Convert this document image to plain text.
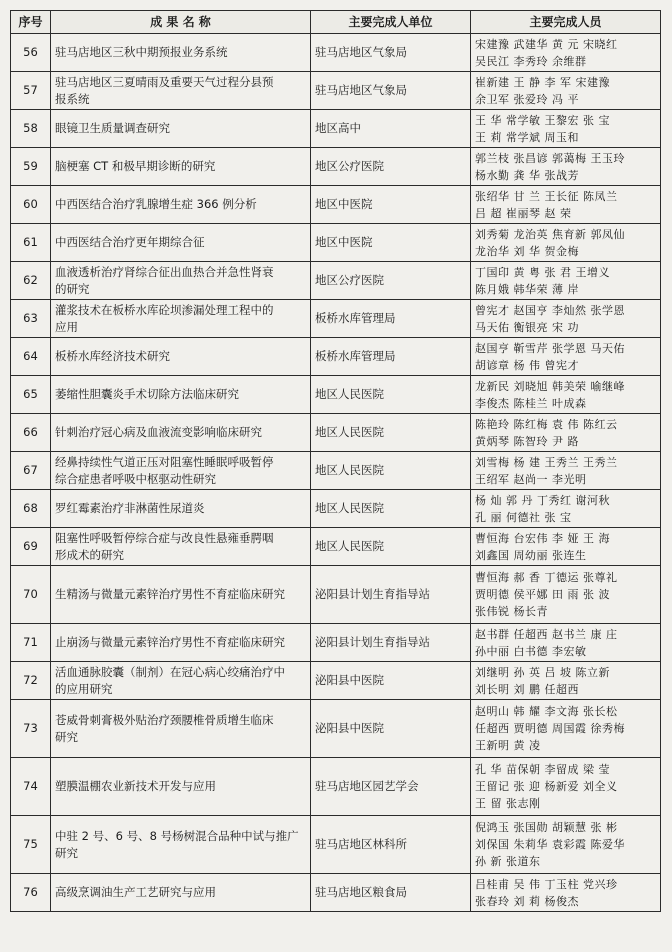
序号	成 果 名 称	主要完成人单位	主要完成人员
56	驻马店地区三秋中期预报业务系统	驻马店地区气象局	宋建豫 武建华 黄 元 宋晓红
吴民江 李秀玲 余维群
57	驻马店地区三夏晴雨及重要天气过程分县预
报系统	驻马店地区气象局	崔新建 王 静 李 军 宋建豫
余卫军 张爱玲 冯 平
58	眼镜卫生质量调查研究	地区高中	王 华 常学敏 王黎宏 张 宝
王 莉 常学斌 周玉和
59	脑梗塞 CT 和极早期诊断的研究	地区公疗医院	郭兰枝 张昌谚 郭蔼梅 王玉玲
杨水勤 龚 华 张战芳
60	中西医结合治疗乳腺增生症 366 例分析	地区中医院	张绍华 甘 兰 王长征 陈凤兰
吕 超 崔丽琴 赵 荣
61	中西医结合治疗更年期综合征	地区中医院	刘秀菊 龙治英 焦育新 郭凤仙
龙治华 刘 华 贺金梅
62	血液透析治疗肾综合征出血热合并急性肾衰
的研究	地区公疗医院	丁国印 黄 粤 张 君 王增义
陈月娥 韩华荣 薄 岸
63	灌浆技术在板桥水库砼坝渗漏处理工程中的
应用	板桥水库管理局	曾宪才 赵国亨 李灿然 张学恩
马天佑 衡银亮 宋 功
64	板桥水库经济技术研究	板桥水库管理局	赵国亨 靳雪芹 张学恩 马天佑
胡谚章 杨 伟 曾宪才
65	萎缩性胆囊炎手术切除方法临床研究	地区人民医院	龙新民 刘晓旭 韩美荣 喻继峰
李俊杰 陈桂兰 叶成森
66	针刺治疗冠心病及血液流变影响临床研究	地区人民医院	陈艳玲 陈红梅 袁 伟 陈红云
黄炳琴 陈智玲 尹 路
67	经鼻持续性气道正压对阻塞性睡眠呼吸暂停
综合症患者呼吸中枢驱动性研究	地区人民医院	刘雪梅 杨 建 王秀兰 王秀兰
王绍军 赵尚一 李光明
68	罗红霉素治疗非淋菌性尿道炎	地区人民医院	杨 灿 郭 丹 丁秀红 谢河秋
孔 丽 何德社 张 宝
69	阻塞性呼吸暂停综合症与改良性悬雍垂腭咽
形成术的研究	地区人民医院	曹恒海 台宏伟 李 娅 王 海
刘鑫国 周幼丽 张连生
70	生精汤与微量元素锌治疗男性不育症临床研究	泌阳县计划生育指导站	曹恒海 郝 香 丁德运 张尊礼
贾明德 侯平娜 田 雨 张 波
张伟锐 杨长青
71	止崩汤与微量元素锌治疗男性不育症临床研究	泌阳县计划生育指导站	赵书群 任超西 赵书兰 康 庄
孙中丽 白书德 李宏敏
72	活血通脉胶囊（制剂）在冠心病心绞痛治疗中
的应用研究	泌阳县中医院	刘继明 孙 英 吕 坡 陈立新
刘长明 刘 鹏 任超西
73	苍威骨刺膏极外贴治疗颈腰椎骨质增生临床
研究	泌阳县中医院	赵明山 韩 耀 李文海 张长松
任超西 贾明德 周国霞 徐秀梅
王新明 黄 凌
74	塑膜温棚农业新技术开发与应用	驻马店地区园艺学会	孔 华 苗保朝 李留成 梁 莹
王留记 张 迎 杨新爱 刘全义
王 留 张志刚
75	中驻 2 号、6 号、8 号杨树混合品种中试与推广
研究	驻马店地区林科所	倪鸿玉 张国勋 胡颖慧 张 彬
刘保国 朱莉华 袁彩霞 陈爱华
孙 新 张道东
76	高级烹调油生产工艺研究与应用	驻马店地区粮食局	吕桂甫 吴 伟 丁玉柱 党兴珍
张春玲 刘 莉 杨俊杰
